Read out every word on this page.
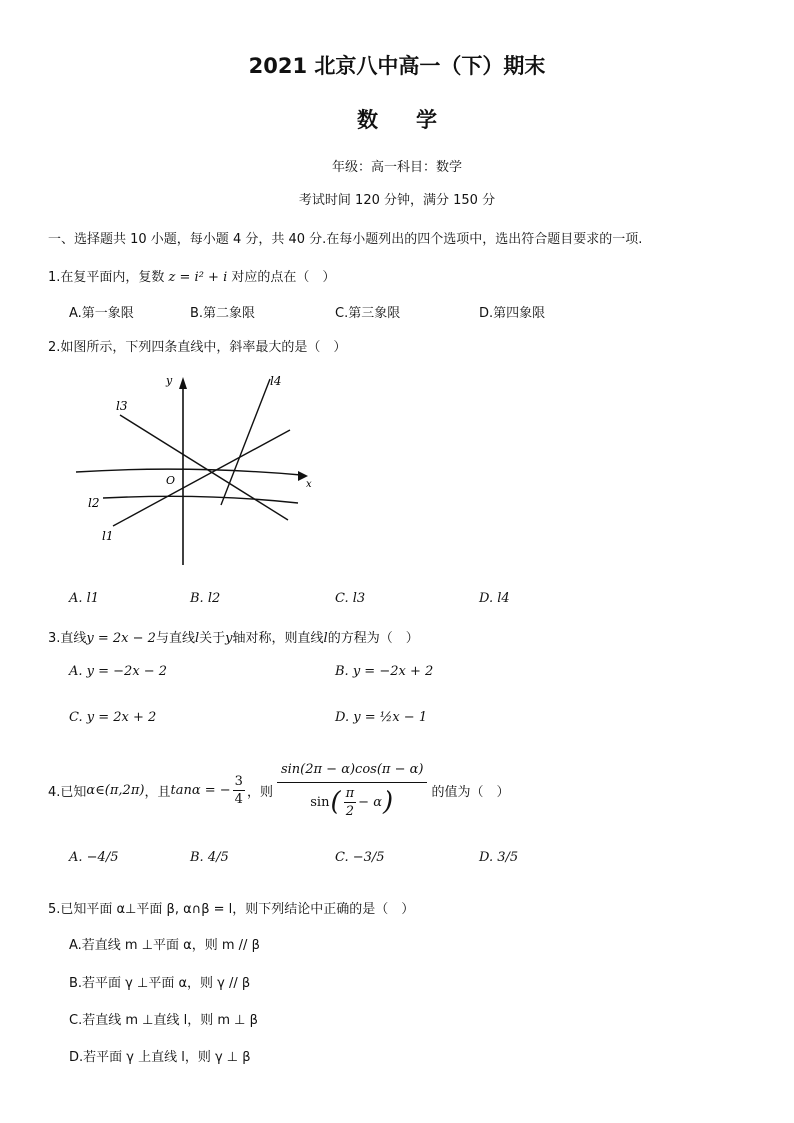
2021 北京八中高一（下）期末
数学
年级：高一科目：数学
考试时间 120 分钟，满分 150 分
一、选择题共 10 小题，每小题 4 分，共 40 分.在每小题列出的四个选项中，选出符合题目要求的一项.
1.在复平面内，复数 z = i² + i 对应的点在（　）
A.第一象限	B.第二象限	C.第三象限	D.第四象限
2.如图所示，下列四条直线中，斜率最大的是（　）
y
x
O
l1
l2
l3
l4
A. l1	B. l2	C. l3	D. l4
3.直线y = 2x − 2与直线l关于y轴对称，则直线l的方程为（　）
A. y = −2x − 2	B. y = −2x + 2
C. y = 2x + 2	D. y = ½x − 1
4.已知 α∈(π,2π) ，且 tanα = − $\frac{3}{4}$ ，则
sin(2π − α)cos(π − α)
sin ( $\frac{\pi}{2} - \alpha$ )	的值为（　）
A. −4/5	B. 4/5	C. −3/5	D. 3/5
5.已知平面 α⊥平面 β, α∩β = l，则下列结论中正确的是（　）
A.若直线 m ⊥平面 α，则 m // β
B.若平面 γ ⊥平面 α，则 γ // β
C.若直线 m ⊥直线 l，则 m ⊥ β
D.若平面 γ 上直线 l，则 γ ⊥ β
